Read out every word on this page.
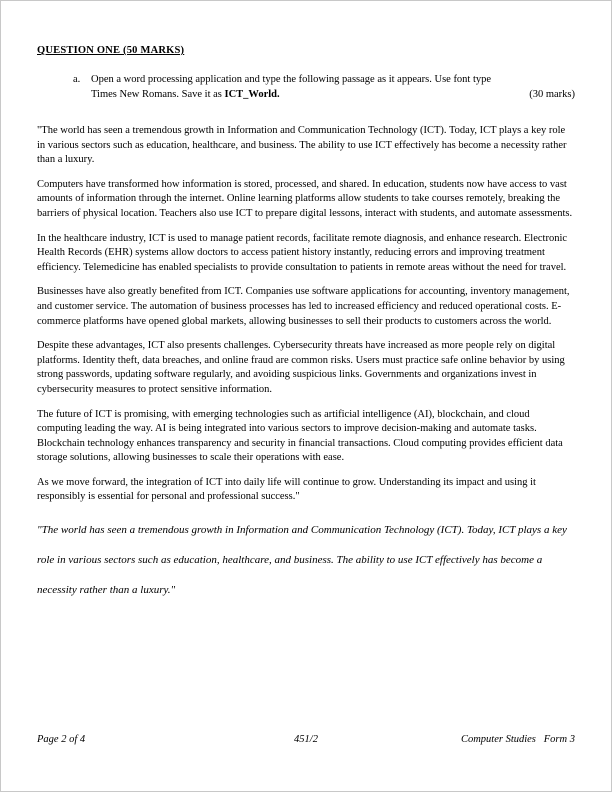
QUESTION ONE (50 MARKS)
a.	Open a word processing application and type the following passage as it appears. Use font type Times New Romans. Save it as ICT_World.	(30 marks)

"The world has seen a tremendous growth in Information and Communication Technology (ICT). Today, ICT plays a key role in various sectors such as education, healthcare, and business. The ability to use ICT effectively has become a necessity rather than a luxury.

Computers have transformed how information is stored, processed, and shared. In education, students now have access to vast amounts of information through the internet. Online learning platforms allow students to take courses remotely, breaking the barriers of physical location. Teachers also use ICT to prepare digital lessons, interact with students, and automate assessments.

In the healthcare industry, ICT is used to manage patient records, facilitate remote diagnosis, and enhance research. Electronic Health Records (EHR) systems allow doctors to access patient history instantly, reducing errors and improving treatment efficiency. Telemedicine has enabled specialists to provide consultation to patients in remote areas without the need for travel.

Businesses have also greatly benefited from ICT. Companies use software applications for accounting, inventory management, and customer service. The automation of business processes has led to increased efficiency and reduced operational costs. E-commerce platforms have opened global markets, allowing businesses to sell their products to customers across the world.

Despite these advantages, ICT also presents challenges. Cybersecurity threats have increased as more people rely on digital platforms. Identity theft, data breaches, and online fraud are common risks. Users must practice safe online behavior by using strong passwords, updating software regularly, and avoiding suspicious links. Governments and organizations invest in cybersecurity measures to protect sensitive information.

The future of ICT is promising, with emerging technologies such as artificial intelligence (AI), blockchain, and cloud computing leading the way. AI is being integrated into various sectors to improve decision-making and automate tasks. Blockchain technology enhances transparency and security in financial transactions. Cloud computing provides efficient data storage solutions, allowing businesses to scale their operations with ease.

As we move forward, the integration of ICT into daily life will continue to grow. Understanding its impact and using it responsibly is essential for personal and professional success."

"The world has seen a tremendous growth in Information and Communication Technology (ICT). Today, ICT plays a key role in various sectors such as education, healthcare, and business. The ability to use ICT effectively has become a necessity rather than a luxury."

Page 2 of 4	451/2	Computer Studies   Form 3
